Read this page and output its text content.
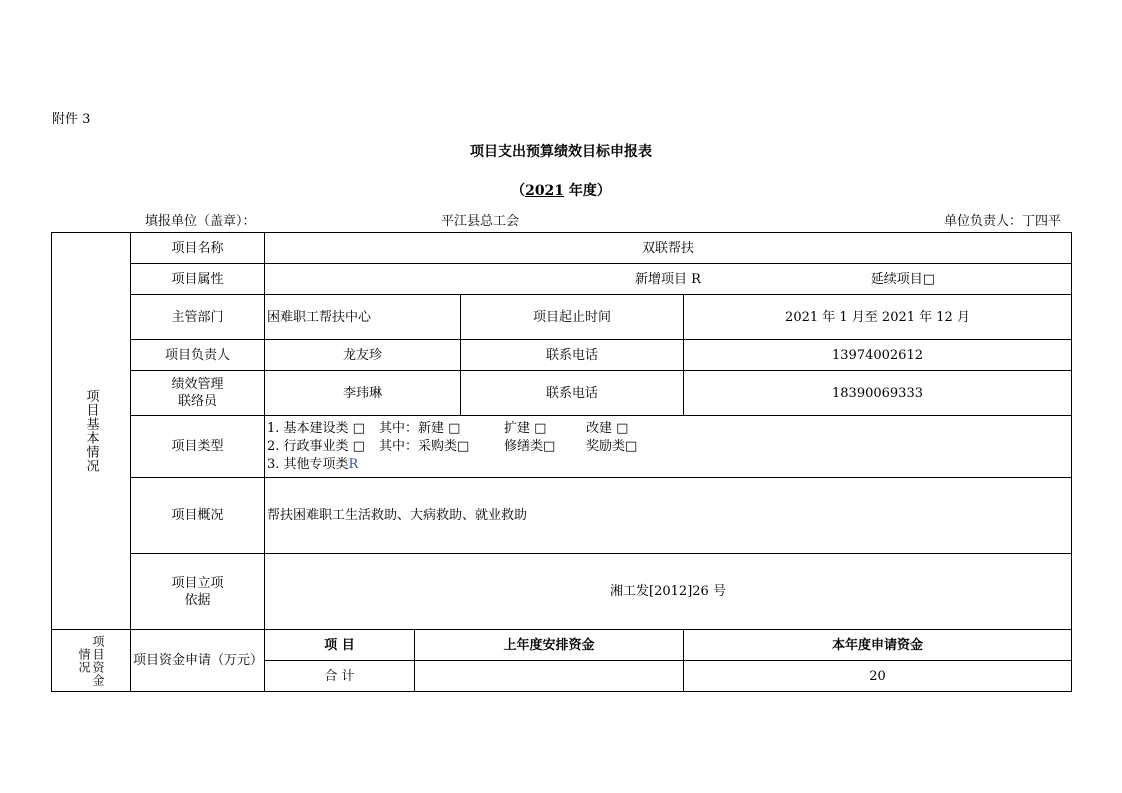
附件 3
项目支出预算绩效目标申报表
（2021 年度）
填报单位（盖章）：	平江县总工会	单位负责人：丁四平
项目基本情况	项目名称	双联帮扶			
	项目属性	新增项目 R 延续项目□			
	主管部门	困难职工帮扶中心		项目起止时间	2021 年 1 月至 2021 年 12 月
	项目负责人	龙友珍		联系电话	13974002612

	绩效管理
联络员	李玮琳		联系电话	18390069333
	项目类型	1. 基本建设类 □ 其中：新建 □ 扩建 □ 改建 □
2. 行政事业类 □ 其中：采购类□ 修缮类□ 奖励类□
3. 其他专项类R			

	项目概况	帮扶困难职工生活救助、大病救助、就业救助			

	项目立项
依据	湘工发[2012]26 号			

项目资金情况	项目资金申请（万元）	项 目	上年度安排资金		本年度申请资金
		合 计			20
